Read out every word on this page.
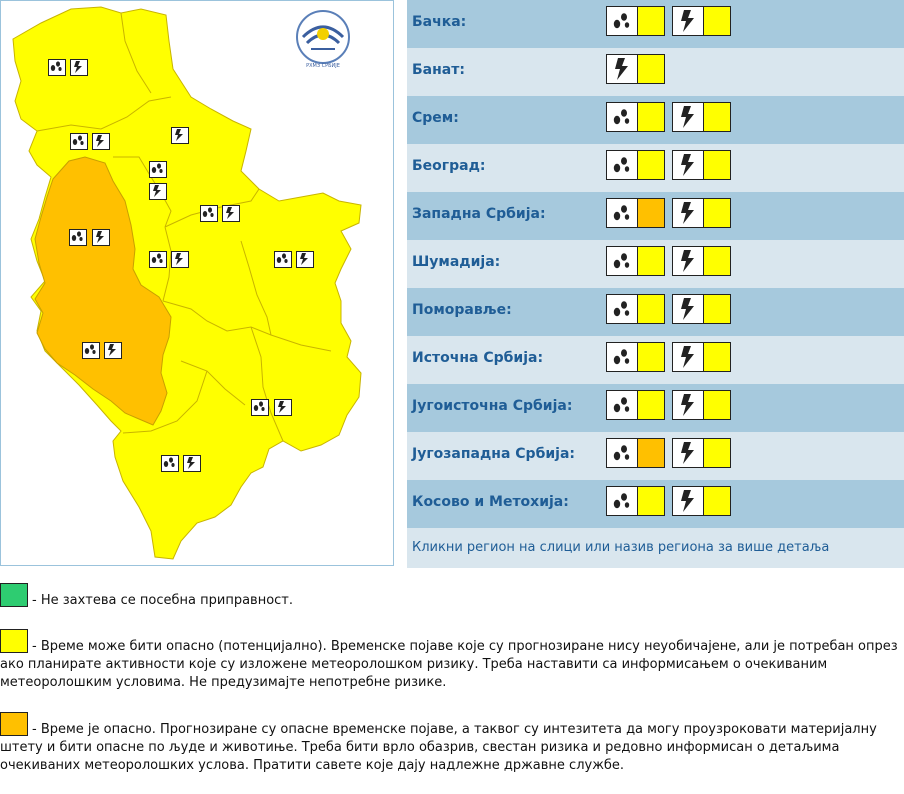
РХМЗ СРБИЈЕ
Бачка:
Банат:
Срем:
Београд:
Западна Србија:
Шумадија:
Поморавље:
Источна Србија:
Југоисточна Србија:
Југозападна Србија:
Косово и Метохија:
Кликни регион на слици или назив региона за више детаља
- Не захтева се посебна приправност.
- Време може бити опасно (потенцијално). Временске појаве које су прогнозиране нису неуобичајене, али је потребан опрез ако планирате активности које су изложене метеоролошком ризику. Треба наставити са информисањем о очекиваним метеоролошким условима. Не предузимајте непотребне ризике.
- Време је опасно. Прогнозиране су опасне временске појаве, а таквог су интезитета да могу проузроковати материјалну штету и бити опасне по људе и животиње. Треба бити врло обазрив, свестан ризика и редовно информисан о детаљима очекиваних метеоролошких услова. Пратити савете које дају надлежне државне службе.
